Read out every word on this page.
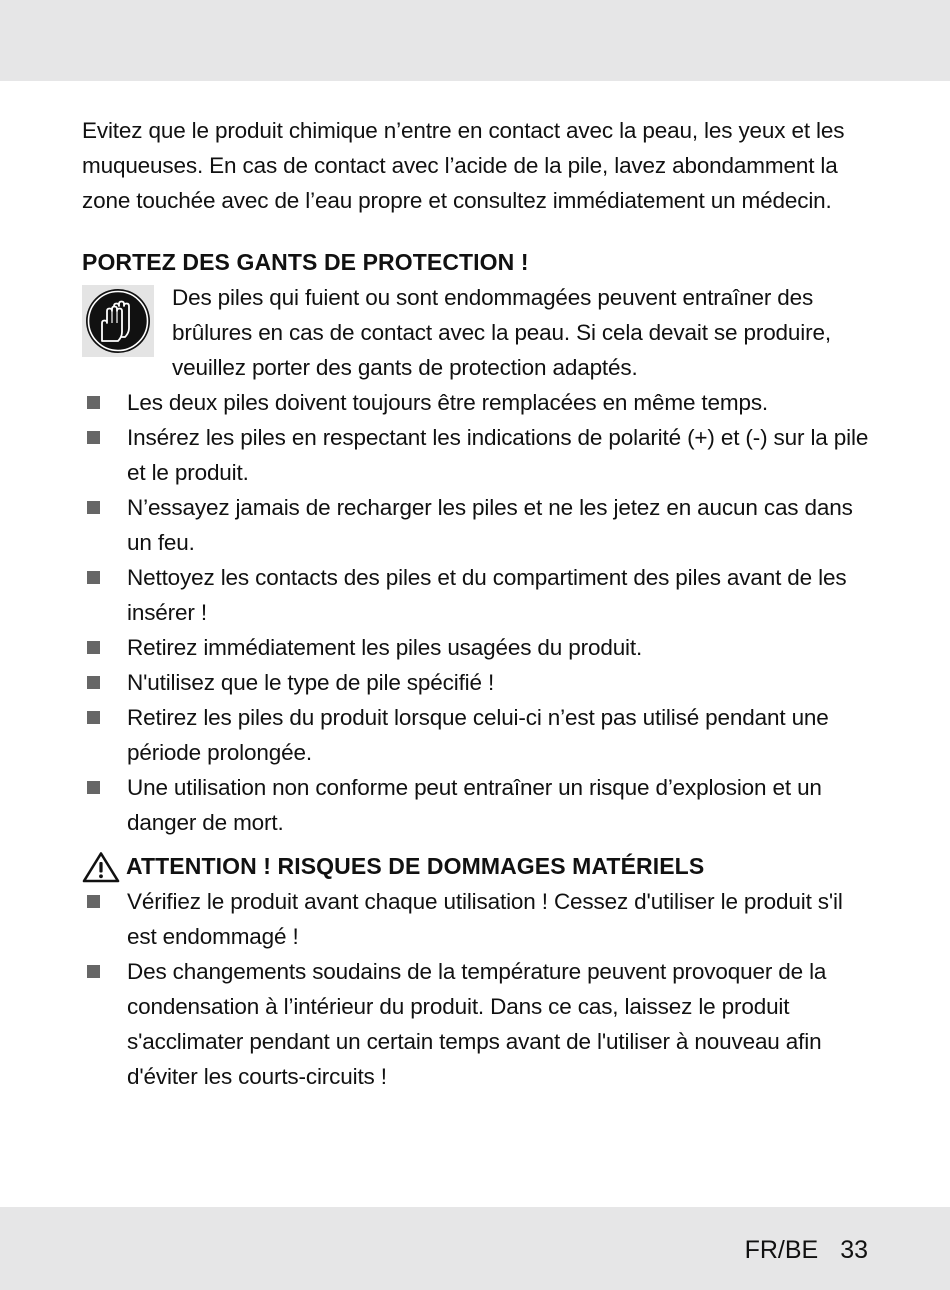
Evitez que le produit chimique n’entre en contact avec la peau, les yeux et les muqueuses. En cas de contact avec l’acide de la pile, lavez abondamment la zone touchée avec de l’eau propre et consultez immédiatement un médecin.

PORTEZ DES GANTS DE PROTECTION !

Des piles qui fuient ou sont endommagées peuvent entraîner des brûlures en cas de contact avec la peau. Si cela devait se produire, veuillez porter des gants de protection adaptés.

Les deux piles doivent toujours être remplacées en même temps.
Insérez les piles en respectant les indications de polarité (+) et (-) sur la pile et le produit.
N’essayez jamais de recharger les piles et ne les jetez en aucun cas dans un feu.
Nettoyez les contacts des piles et du compartiment des piles avant de les insérer !
Retirez immédiatement les piles usagées du produit.
N'utilisez que le type de pile spécifié !
Retirez les piles du produit lorsque celui-ci n’est pas utilisé pendant une période prolongée.
Une utilisation non conforme peut entraîner un risque d’explosion et un danger de mort.
ATTENTION ! RISQUES DE DOMMAGES MATÉRIELS
Vérifiez le produit avant chaque utilisation ! Cessez d'utiliser le produit s'il est endommagé !
Des changements soudains de la température peuvent provoquer de la condensation à l’intérieur du produit. Dans ce cas, laissez le produit s'acclimater pendant un certain temps avant de l'utiliser à nouveau afin d'éviter les courts-circuits !
FR/BE 33
